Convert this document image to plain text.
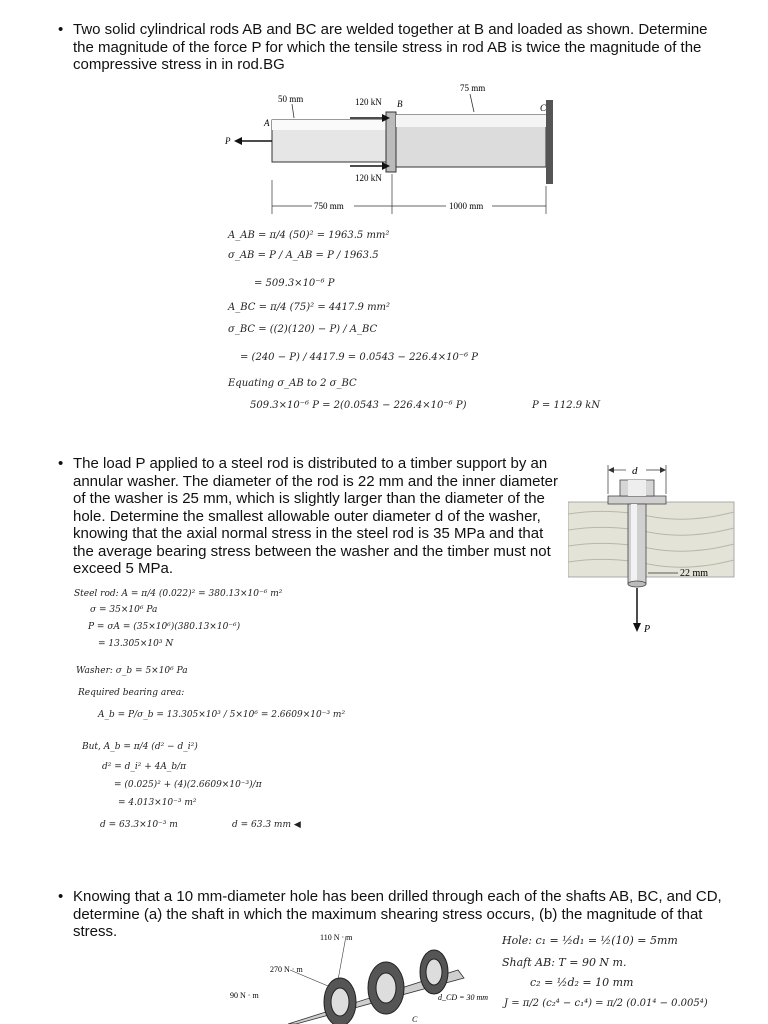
• Two solid cylindrical rods AB and BC are welded together at B and loaded as shown. Determine the magnitude of the force P for which the tensile stress in rod AB is twice the magnitude of the compressive stress in in rod.BG
50 mm
75 mm
120 kN
120 kN
750 mm	1000 mm
A
B	C
P
A_AB = π/4 (50)² = 1963.5 mm²
σ_AB = P / A_AB = P / 1963.5
= 509.3×10⁻⁶ P
A_BC = π/4 (75)² = 4417.9 mm²
σ_BC = ((2)(120) − P) / A_BC
= (240 − P) / 4417.9 = 0.0543 − 226.4×10⁻⁶ P
Equating σ_AB to 2 σ_BC
509.3×10⁻⁶ P = 2(0.0543 − 226.4×10⁻⁶ P)	P = 112.9 kN
• The load P applied to a steel rod is distributed to a timber support by an annular washer. The diameter of the rod is 22 mm and the inner diameter of the washer is 25 mm, which is slightly larger than the diameter of the hole. Determine the smallest allowable outer diameter d of the washer, knowing that the axial normal stress in the steel rod is 35 MPa and that the average bearing stress between the washer and the timber must not exceed 5 MPa.
d
22 mm
P
Steel rod: A = π/4 (0.022)² = 380.13×10⁻⁶ m²
σ = 35×10⁶ Pa
P = σA = (35×10⁶)(380.13×10⁻⁶)
= 13.305×10³ N
Washer: σ_b = 5×10⁶ Pa
Required bearing area:
A_b = P/σ_b = 13.305×10³ / 5×10⁶ = 2.6609×10⁻³ m²
But, A_b = π/4 (d² − d_i²)
d² = d_i² + 4A_b/π
= (0.025)² + (4)(2.6609×10⁻³)/π
= 4.013×10⁻³ m²
d = 63.3×10⁻³ m	d = 63.3 mm ◀
• Knowing that a 10 mm-diameter hole has been drilled through each of the shafts AB, BC, and CD, determine (a) the shaft in which the maximum shearing stress occurs, (b) the magnitude of that stress.	110 N · m
270 N · m
90 N · m	d_CD = 30 mm
C
Hole: c₁ = ½d₁ = ½(10) = 5mm
Shaft AB: T = 90 N m.
c₂ = ½d₂ = 10 mm
J = π/2 (c₂⁴ − c₁⁴) = π/2 (0.01⁴ − 0.005⁴)
